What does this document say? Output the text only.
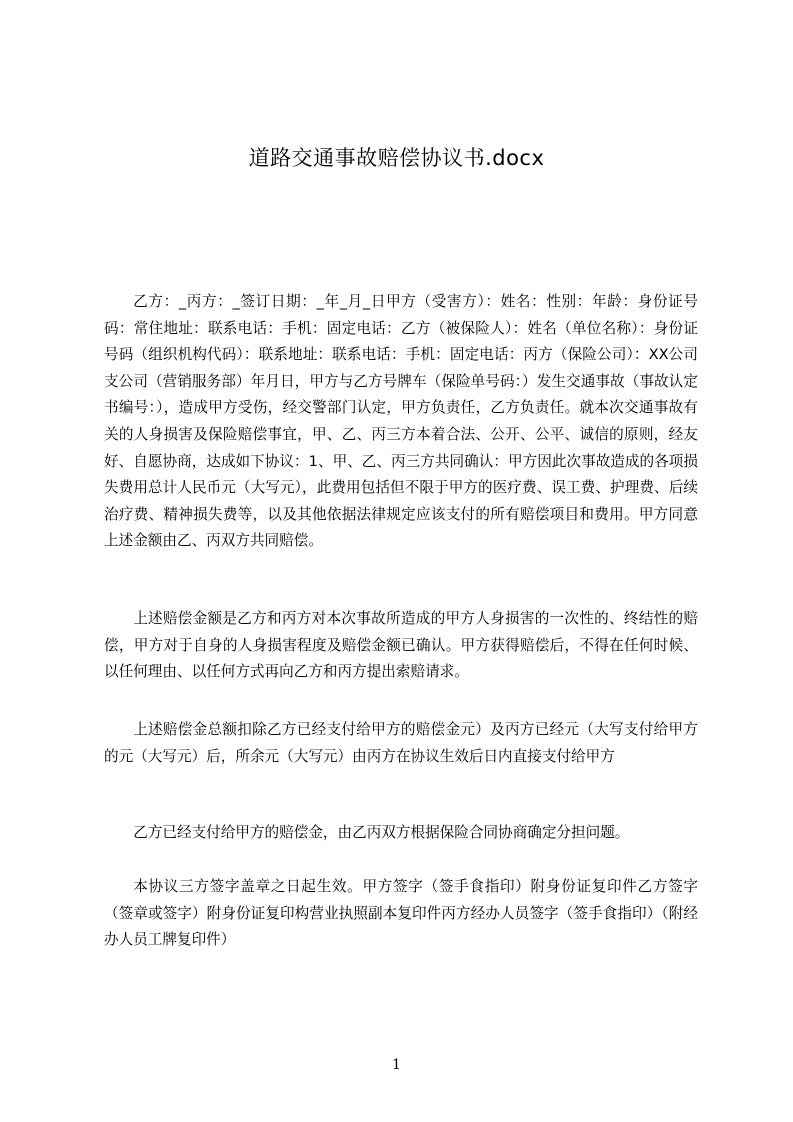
道路交通事故赔偿协议书.docx

乙方：_丙方：_签订日期：_年_月_日甲方（受害方）：姓名：性别：年龄：身份证号码：常住地址：联系电话：手机：固定电话：乙方（被保险人）：姓名（单位名称）：身份证号码（组织机构代码）：联系地址：联系电话：手机：固定电话：丙方（保险公司）：XX公司支公司（营销服务部）年月日，甲方与乙方号牌车（保险单号码：）发生交通事故（事故认定书编号：），造成甲方受伤，经交警部门认定，甲方负责任，乙方负责任。就本次交通事故有关的人身损害及保险赔偿事宜，甲、乙、丙三方本着合法、公开、公平、诚信的原则，经友好、自愿协商，达成如下协议：1、甲、乙、丙三方共同确认：甲方因此次事故造成的各项损失费用总计人民币元（大写元），此费用包括但不限于甲方的医疗费、误工费、护理费、后续治疗费、精神损失费等，以及其他依据法律规定应该支付的所有赔偿项目和费用。甲方同意上述金额由乙、丙双方共同赔偿。

上述赔偿金额是乙方和丙方对本次事故所造成的甲方人身损害的一次性的、终结性的赔偿，甲方对于自身的人身损害程度及赔偿金额已确认。甲方获得赔偿后，不得在任何时候、以任何理由、以任何方式再向乙方和丙方提出索赔请求。

上述赔偿金总额扣除乙方已经支付给甲方的赔偿金元）及丙方已经元（大写支付给甲方的元（大写元）后，所余元（大写元）由丙方在协议生效后日内直接支付给甲方

乙方已经支付给甲方的赔偿金，由乙丙双方根据保险合同协商确定分担问题。

本协议三方签字盖章之日起生效。甲方签字（签手食指印）附身份证复印件乙方签字（签章或签字）附身份证复印构营业执照副本复印件丙方经办人员签字（签手食指印）（附经办人员工牌复印件）

1
